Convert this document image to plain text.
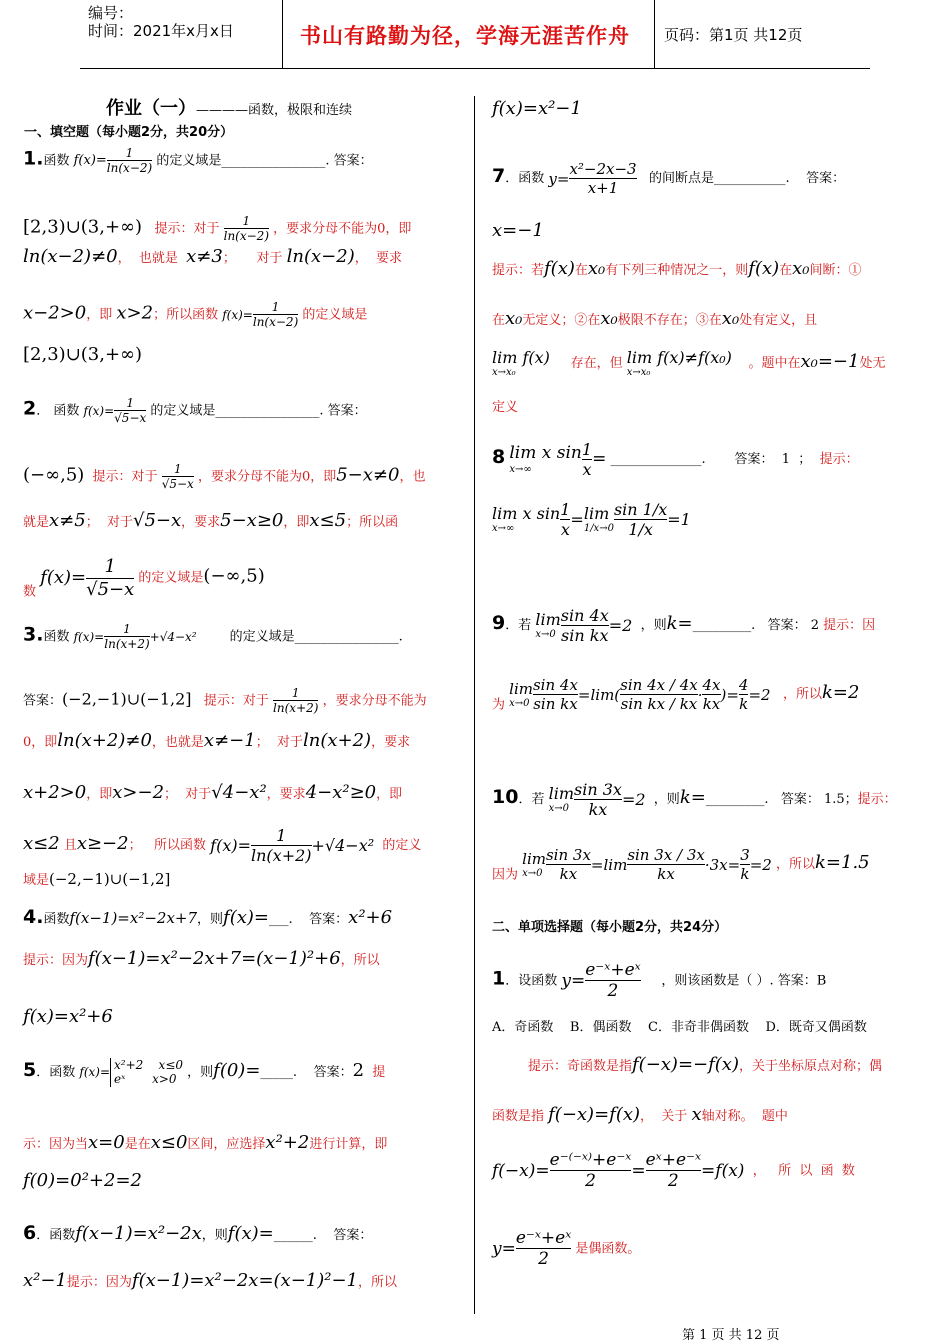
编号：
时间：2021年x月x日	书山有路勤为径，学海无涯苦作舟 页码：第1页 共12页
作业（一）————函数，极限和连续
一、填空题（每小题2分，共20分）
1.函数 $f(x)= \frac{1}{\ln(x-2)}$ 的定义域是________________. 答案：
[2,3)∪(3,+∞)   提示：对于 $\frac{1}{\ln(x-2)}$ ，要求分母不能为0，即
ln(x−2)≠0，  也就是  x≠3；     对于 ln(x−2)，  要求
x−2>0，即 x>2；所以函数 $f(x)= \frac{1}{\ln(x-2)}$ 的定义域是
[2,3)∪(3,+∞)
2． 函数 $f(x)= \frac{1}{√5-x}$ 的定义域是________________. 答案：
(−∞,5)  提示：对于 $\frac{1}{√5-x}$ ，要求分母不能为0，即5−x≠0，也
就是x≠5；  对于√5−x，要求5−x≥0，即x≤5；所以函
数 $f(x)= \frac{1}{√5-x}$ 的定义域是(−∞,5)
3.函数 $f(x)= \frac{1}{\ln(x+2)} +√4-x^2$        的定义域是________________.
答案：(−2,−1)∪(−1,2]   提示：对于 $\frac{1}{\ln(x+2)}$ ，要求分母不能为
0，即ln(x+2)≠0，也就是x≠−1；  对于ln(x+2)，要求
x+2>0，即x>−2；  对于√4−x²，要求4−x²≥0，即
x≤2 且x≥−2；   所以函数 $f(x)= \frac{1}{\ln(x+2)} +√4-x^2$  的定义
域是(−2,−1)∪(−1,2]
4.函数f(x−1)=x²−2x+7，则f(x)=___.    答案：x²+6
提示：因为f(x−1)=x²−2x+7=(x−1)²+6，所以
f(x)=x²+6
5．函数 f(x)=
x²+2    x≤0
eˣ       x>0 ，则f(0)=_____.    答案：2  提
示：因为当x=0是在x≤0区间，应选择x²+2进行计算，即
f(0)=0²+2=2
6．函数f(x−1)=x²−2x，则f(x)=______.    答案：
x²−1提示：因为f(x−1)=x²−2x=(x−1)²−1，所以
f(x)=x²−1
7．函数 $y= \frac{\text{x²−2x−3}}{x+1}$ 的间断点是___________.    答案：
x=−1
提示：若f(x)在x₀有下列三种情况之一，则f(x)在x₀间断：①
在x₀无定义；②在x₀极限不存在；③在x₀处有定义，且
lim f(x)
x→x₀
存在，但 lim f(x)≠f(x₀)
x→x₀
。题中在x₀=−1处无
定义
8 lim x sin
x→∞	$\frac{1}{x}$ = ______________.       答案：  1  ；  提示：
lim x sin
x→∞	$\frac{1}{x} = \lim$
$1/x\to 0 \frac{\sin 1/x}{1/x} =1$
9．若 lim
$x\to 0 \frac{\sin 4x}{\text{sin kx}} =2$  ，则k=_________.   答案： 2 提示：因
为
lim
$x\to 0 \frac{\sin 4x}{\text{sin kx}} =\lim( \frac{\sin 4x / 4x}{\text{sin kx / kx}} \cdot \frac{4x}{kx}$ )= $\frac{4}{k} =2$   ，所以k=2
10．若 lim
$x\to 0 \frac{\sin 3x}{kx} =2$  ，则k=_________.   答案： 1.5；提示：
因为
lim
$x\to 0 \frac{\sin 3x}{kx} =\lim \frac{\sin 3x / 3x}{kx} \cdot 3x= \frac{3}{k} =2$ ，所以k=1.5
二、单项选择题（每小题2分，共24分）
1．设函数 $y= \frac{\text{e⁻ˣ+eˣ}}{2}$ ，则该函数是（ ）. 答案：B
A．奇函数    B．偶函数    C．非奇非偶函数    D．既奇又偶函数
提示：奇函数是指f(−x)=−f(x)，关于坐标原点对称；偶
函数是指 f(−x)=f(x)，  关于 x轴对称。  题中
$f(-x)= \frac{\text{e⁻⁽⁻ˣ⁾+e⁻ˣ}}{2} = \frac{\text{eˣ+e⁻ˣ}}{2} =f(x)$  ，   所  以  函  数
$y= \frac{\text{e⁻ˣ+eˣ}}{2}$ 是偶函数。
第 1 页 共 12 页
